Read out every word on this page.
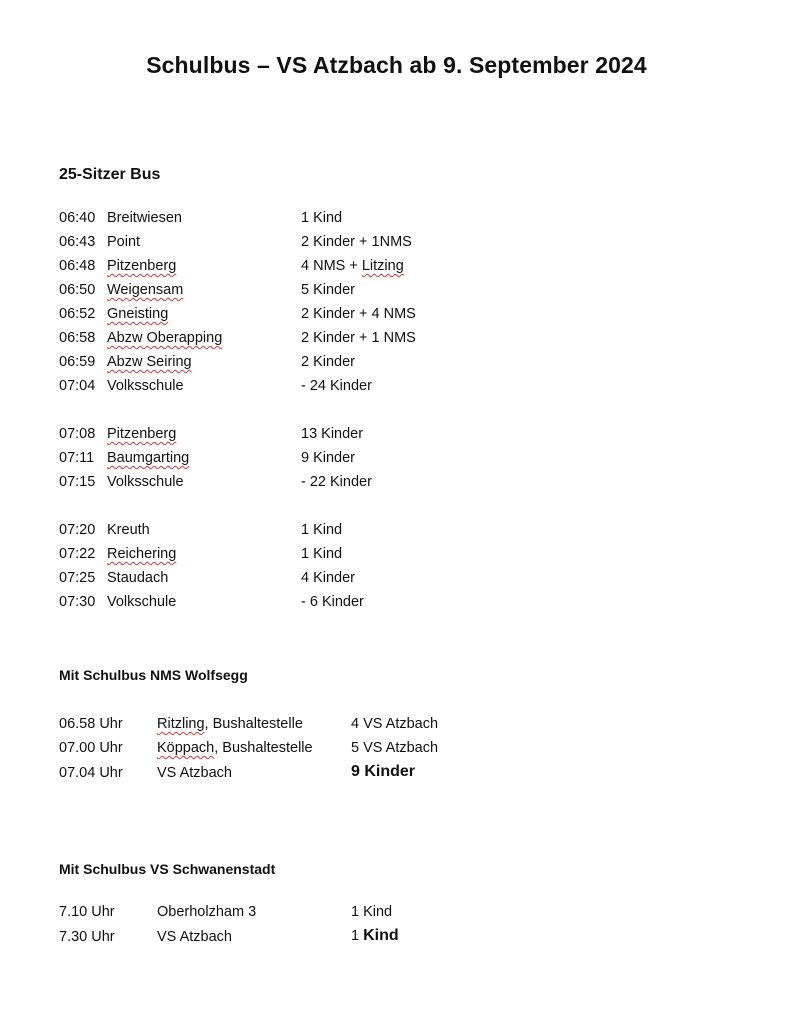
Schulbus – VS Atzbach ab 9. September 2024
25-Sitzer Bus
06:40 Breitwiesen	1 Kind
06:43 Point	2 Kinder + 1NMS
06:48 Pitzenberg	4 NMS + Litzing
06:50 Weigensam	5 Kinder
06:52 Gneisting	2 Kinder + 4 NMS
06:58 Abzw Oberapping	2 Kinder + 1 NMS
06:59 Abzw Seiring	2 Kinder
07:04 Volksschule	- 24 Kinder
07:08 Pitzenberg	13 Kinder
07:11 Baumgarting	9 Kinder
07:15 Volksschule	- 22 Kinder
07:20 Kreuth	1 Kind
07:22 Reichering	1 Kind
07:25 Staudach	4 Kinder
07:30 Volkschule	- 6 Kinder
Mit Schulbus NMS Wolfsegg
06.58 Uhr Ritzling, Bushaltestelle	4 VS Atzbach
07.00 Uhr Köppach, Bushaltestelle	5 VS Atzbach
07.04 Uhr VS Atzbach	9 Kinder
Mit Schulbus VS Schwanenstadt
7.10 Uhr	Oberholzham 3	1 Kind
7.30 Uhr	VS Atzbach	1 Kind
